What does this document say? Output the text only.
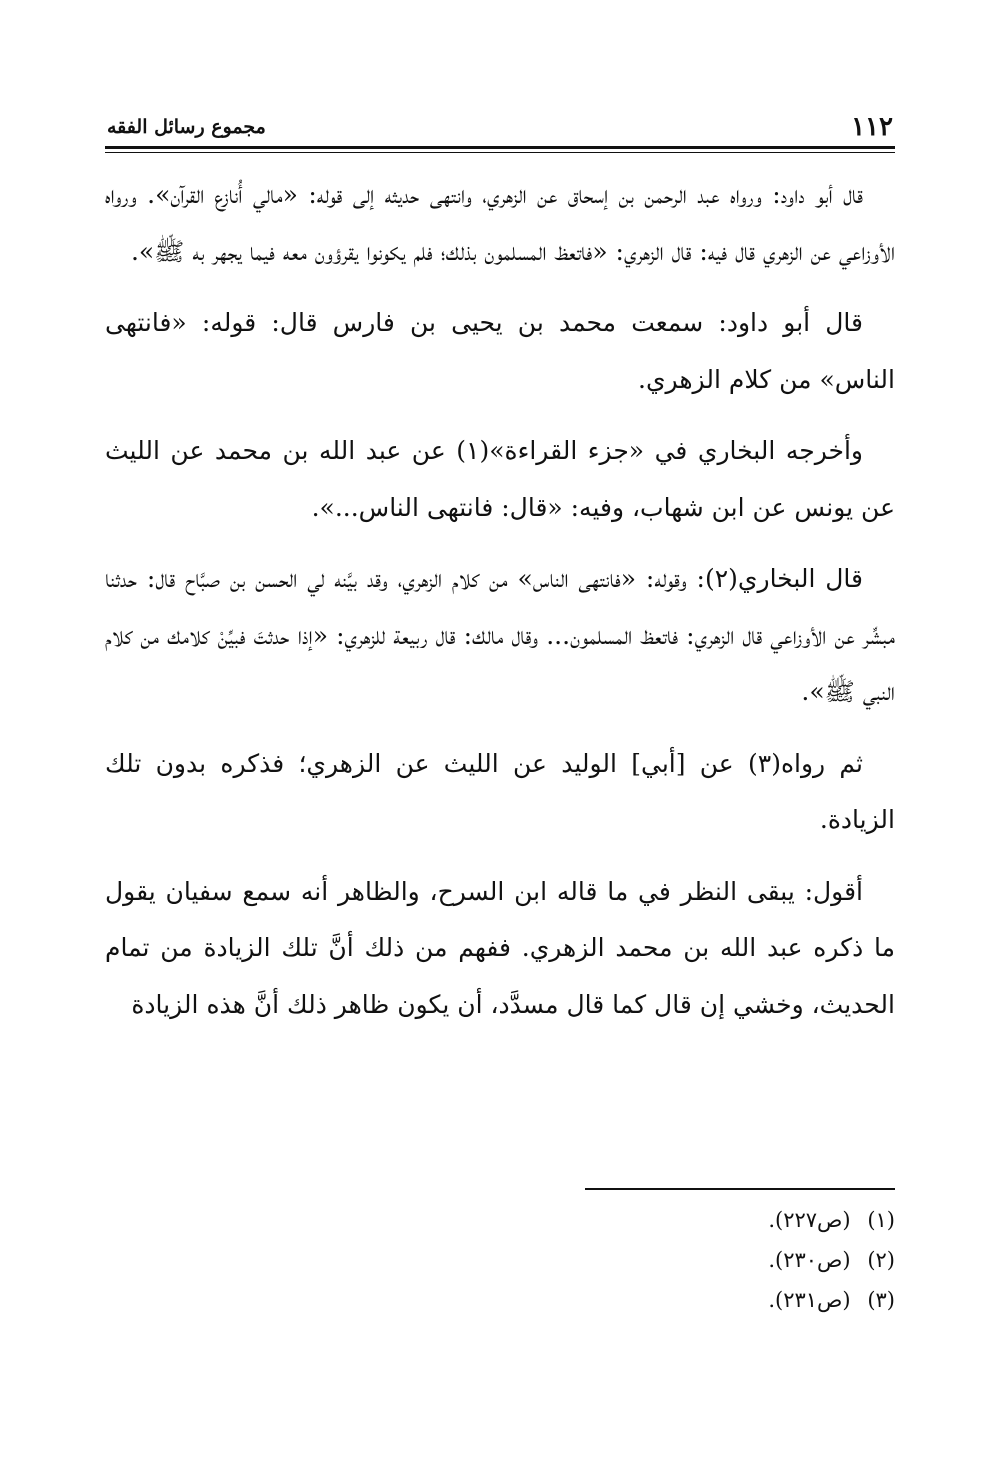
١١٢
مجموع رسائل الفقه

قال أبو داود: ورواه عبد الرحمن بن إسحاق عن الزهري، وانتهى حديثه إلى قوله: «مالي أُنازع القرآن». ورواه الأوزاعي عن الزهري قال فيه: قال الزهري: «فاتعظ المسلمون بذلك؛ فلم يكونوا يقرؤون معه فيما يجهر به ﷺ».

قال أبو داود: سمعت محمد بن يحيى بن فارس قال: قوله: «فانتهى الناس» من كلام الزهري.

وأخرجه البخاري في «جزء القراءة»(١) عن عبد الله بن محمد عن الليث عن يونس عن ابن شهاب، وفيه: «قال: فانتهى الناس...».

قال البخاري(٢): وقوله: «فانتهى الناس» من كلام الزهري، وقد بيَّنه لي الحسن بن صبَّاح قال: حدثنا مبشِّر عن الأوزاعي قال الزهري: فاتعظ المسلمون... وقال مالك: قال ربيعة للزهري: «إذا حدثتَ فبيِّنْ كلامك من كلام النبي ﷺ».

ثم رواه(٣) عن [أبي] الوليد عن الليث عن الزهري؛ فذكره بدون تلك الزيادة.

أقول: يبقى النظر في ما قاله ابن السرح، والظاهر أنه سمع سفيان يقول ما ذكره عبد الله بن محمد الزهري. ففهم من ذلك أنَّ تلك الزيادة من تمام الحديث، وخشي إن قال كما قال مسدَّد، أن يكون ظاهر ذلك أنَّ هذه الزيادة

(١) (ص٢٢٧).

(٢) (ص٢٣٠).

(٣) (ص٢٣١).
